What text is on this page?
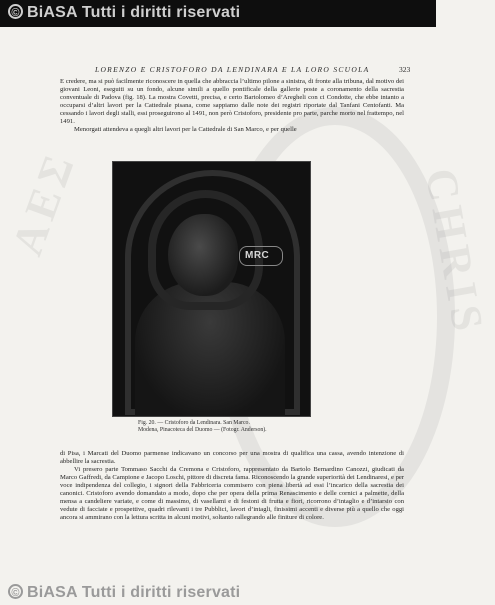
© BiASA Tutti i diritti riservati
ΑΕΣ	CHRIS
LORENZO E CRISTOFORO DA LENDINARA E LA LORO SCUOLA	323

E credere, ma si può facilmente riconoscere in quella che abbraccia l’ultimo pilone a sinistra, di fronte alla tribuna, dal motivo dei giovani Leoni, eseguiti su un fondo, alcune simili a quello pontificale della gallerie poste a coronamento della sacrestia conventuale di Padova (fig. 18). La mostra Covetti, precisa, e certo Bartolomeo d’Aregheli con ci Condotte, che ebbe intanto a occuparsi d’altri lavori per la Cattedrale pisana, come sappiamo dalle note dei registri riportate dal Tanfani Centofanti. Ma cessando i lavori degli stalli, essi proseguirono al 1491, non però Cristoforo, presidente pro parte, parche morto nel frattempo, nel 1491.

Menorgati attendeva a quegli altri lavori per la Cattedrale di San Marco, e per quelle

MRC
Fig. 20. — Cristoforo da Lendinara. San Marco.
Modena, Pinacoteca del Duomo — (Fotogr. Anderson).

di Pisa, i Marcati del Duomo parmense indicavano un concorso per una mostra di qualifica una cassa, avendo intenzione di abbellire la sacrestia.

Vi presero parte Tommaso Sacchi da Cremona e Cristoforo, rappresentato da Bartolo Bernardino Canozzi, giudicati da Marco Gaffredi, da Campione e Jacopo Loschi, pittore di discreta fama. Riconoscendo la grande superiorità dei Lendinaresi, e per voce indipendenza del collegio, i signori della Fabbriceria commisero con piena libertà ad essi l’incarico della sacrestia dei canonici. Cristoforo avendo domandato a modo, dopo che per opera della prima Renascimento e delle cornici a palmette, della mensa a candeliere variate, e come di massimo, di vasellami e di festoni di frutta e fiori, ricorrono d’intaglio e d’intarsio con vedute di facciate e prospettive, quadri rilevanti i tre Pubblici, lavori d’intagli, finissimi accenti e diverse più a quello che oggi ancora si ammirano con la lettura scritta in alcuni motivi, soltanto rallegrando alle finiture di colore.

© BiASA Tutti i diritti riservati
